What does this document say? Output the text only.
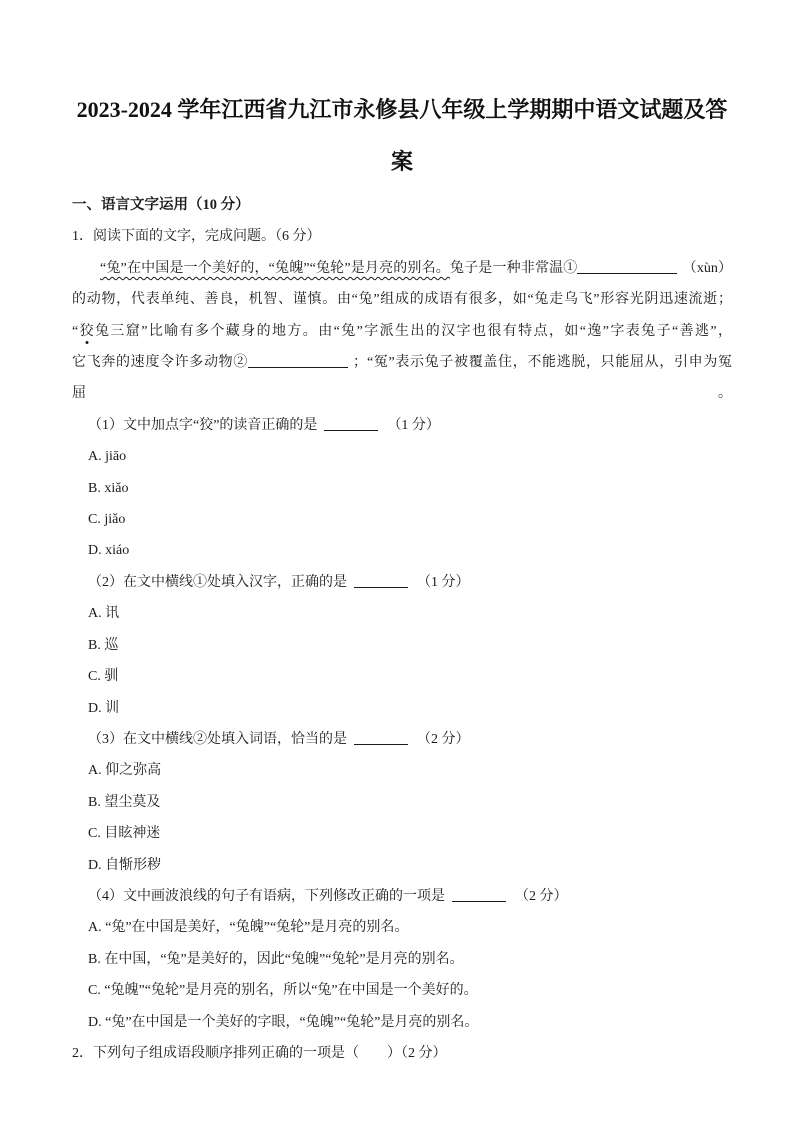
2023-2024 学年江西省九江市永修县八年级上学期期中语文试题及答
案
一、语言文字运用（10 分）

1．阅读下面的文字，完成问题。（6 分）

“兔”在中国是一个美好的，“兔魄”“兔轮”是月亮的别名。兔子是一种非常温①	（xùn）

的动物，代表单纯、善良，机智、谨慎。由“兔”组成的成语有很多，如“兔走乌飞”形容光阴迅速流逝；

“狡兔三窟”比喻有多个藏身的地方。由“兔”字派生出的汉字也很有特点，如“逸”字表兔子“善逃”，

它飞奔的速度令许多动物②	；“冤”表示兔子被覆盖住，不能逃脱，只能屈从，引申为冤屈。

（1）文中加点字“狡”的读音正确的是	（1 分）

A. jiāo

B. xiǎo

C. jiǎo

D. xiáo

（2）在文中横线①处填入汉字，正确的是	（1 分）

A. 讯

B. 巡

C. 驯

D. 训

（3）在文中横线②处填入词语，恰当的是	（2 分）

A. 仰之弥高

B. 望尘莫及

C. 目眩神迷

D. 自惭形秽

（4）文中画波浪线的句子有语病，下列修改正确的一项是	（2 分）

A. “兔”在中国是美好，“兔魄”“兔轮”是月亮的别名。

B. 在中国，“兔”是美好的，因此“兔魄”“兔轮”是月亮的别名。

C. “兔魄”“兔轮”是月亮的别名，所以“兔”在中国是一个美好的。

D. “兔”在中国是一个美好的字眼，“兔魄”“兔轮”是月亮的别名。

2．下列句子组成语段顺序排列正确的一项是（　　）（2 分）
